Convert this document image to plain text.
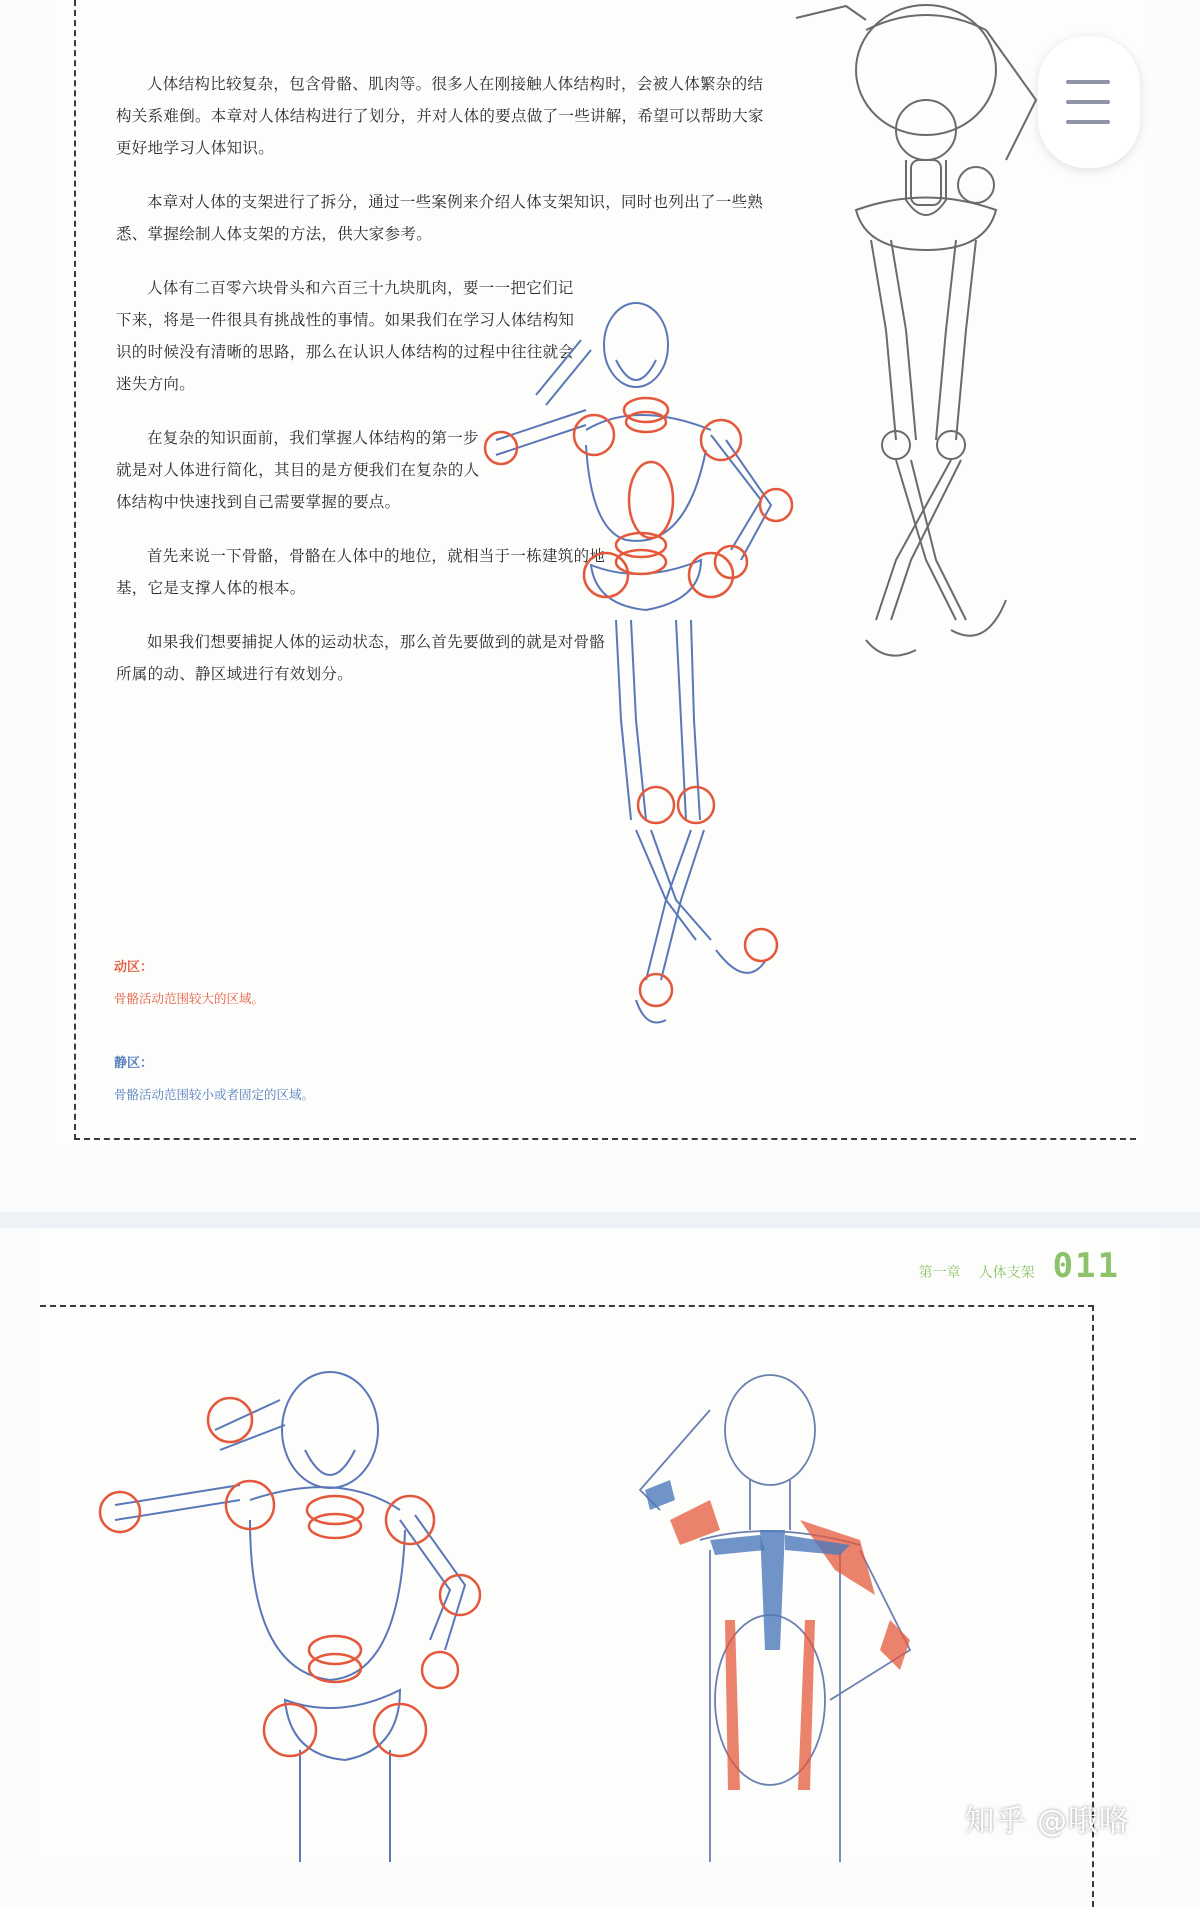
人体结构比较复杂，包含骨骼、肌肉等。很多人在刚接触人体结构时，会被人体繁杂的结构关系难倒。本章对人体结构进行了划分，并对人体的要点做了一些讲解，希望可以帮助大家更好地学习人体知识。

本章对人体的支架进行了拆分，通过一些案例来介绍人体支架知识，同时也列出了一些熟悉、掌握绘制人体支架的方法，供大家参考。

人体有二百零六块骨头和六百三十九块肌肉，要一一把它们记下来，将是一件很具有挑战性的事情。如果我们在学习人体结构知识的时候没有清晰的思路，那么在认识人体结构的过程中往往就会迷失方向。

在复杂的知识面前，我们掌握人体结构的第一步就是对人体进行简化，其目的是方便我们在复杂的人体结构中快速找到自己需要掌握的要点。

首先来说一下骨骼，骨骼在人体中的地位，就相当于一栋建筑的地基，它是支撑人体的根本。

如果我们想要捕捉人体的运动状态，那么首先要做到的就是对骨骼所属的动、静区域进行有效划分。

动区：
骨骼活动范围较大的区域。
静区：
骨骼活动范围较小或者固定的区域。
第一章 人体支架 011
知乎 @哦咯
